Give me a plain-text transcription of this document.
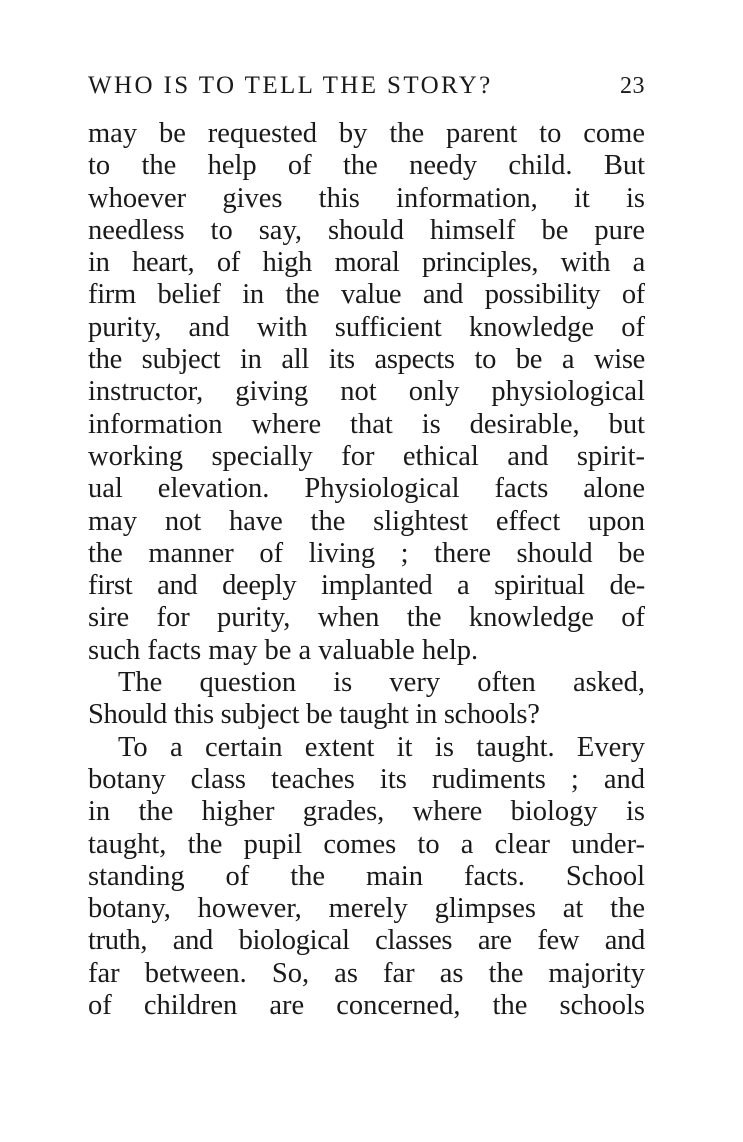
WHO IS TO TELL THE STORY?	23
may be requested by the parent to come
to the help of the needy child. But
whoever gives this information, it is
needless to say, should himself be pure
in heart, of high moral principles, with a
firm belief in the value and possibility of
purity, and with sufficient knowledge of
the subject in all its aspects to be a wise
instructor, giving not only physiological
information where that is desirable, but
working specially for ethical and spirit-
ual elevation. Physiological facts alone
may not have the slightest effect upon
the manner of living ; there should be
first and deeply implanted a spiritual de-
sire for purity, when the knowledge of
such facts may be a valuable help.
The question is very often asked,
Should this subject be taught in schools?
To a certain extent it is taught. Every
botany class teaches its rudiments ; and
in the higher grades, where biology is
taught, the pupil comes to a clear under-
standing of the main facts. School
botany, however, merely glimpses at the
truth, and biological classes are few and
far between. So, as far as the majority
of children are concerned, the schools
